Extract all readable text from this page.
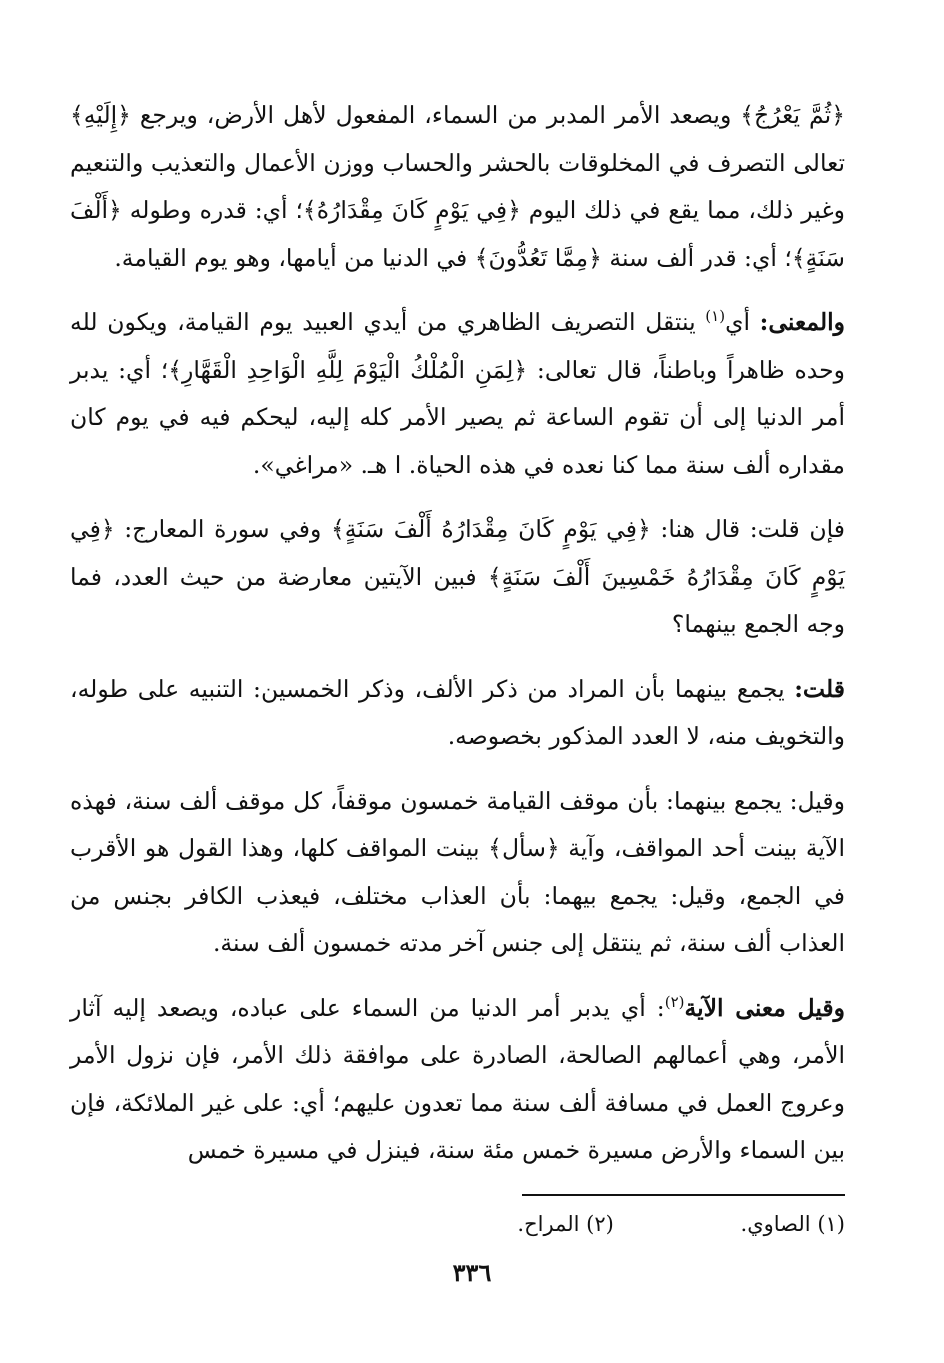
﴿ثُمَّ يَعْرُجُ﴾ ويصعد الأمر المدبر من السماء، المفعول لأهل الأرض، ويرجع ﴿إِلَيْهِ﴾ تعالى التصرف في المخلوقات بالحشر والحساب ووزن الأعمال والتعذيب والتنعيم وغير ذلك، مما يقع في ذلك اليوم ﴿فِي يَوْمٍ كَانَ مِقْدَارُهُ﴾؛ أي: قدره وطوله ﴿أَلْفَ سَنَةٍ﴾؛ أي: قدر ألف سنة ﴿مِمَّا تَعُدُّونَ﴾ في الدنيا من أيامها، وهو يوم القيامة.

والمعنى: أي$^{(١)}$ ينتقل التصريف الظاهري من أيدي العبيد يوم القيامة، ويكون لله وحده ظاهراً وباطناً، قال تعالى: ﴿لِمَنِ الْمُلْكُ الْيَوْمَ لِلَّهِ الْوَاحِدِ الْقَهَّارِ﴾؛ أي: يدبر أمر الدنيا إلى أن تقوم الساعة ثم يصير الأمر كله إليه، ليحكم فيه في يوم كان مقداره ألف سنة مما كنا نعده في هذه الحياة. ا هـ. «مراغي».

فإن قلت: قال هنا: ﴿فِي يَوْمٍ كَانَ مِقْدَارُهُ أَلْفَ سَنَةٍ﴾ وفي سورة المعارج: ﴿فِي يَوْمٍ كَانَ مِقْدَارُهُ خَمْسِينَ أَلْفَ سَنَةٍ﴾ فبين الآيتين معارضة من حيث العدد، فما وجه الجمع بينهما؟

قلت: يجمع بينهما بأن المراد من ذكر الألف، وذكر الخمسين: التنبيه على طوله، والتخويف منه، لا العدد المذكور بخصوصه.

وقيل: يجمع بينهما: بأن موقف القيامة خمسون موقفاً، كل موقف ألف سنة، فهذه الآية بينت أحد المواقف، وآية ﴿سأل﴾ بينت المواقف كلها، وهذا القول هو الأقرب في الجمع، وقيل: يجمع بيهما: بأن العذاب مختلف، فيعذب الكافر بجنس من العذاب ألف سنة، ثم ينتقل إلى جنس آخر مدته خمسون ألف سنة.

وقيل معنى الآية$^{(٢)}$: أي يدبر أمر الدنيا من السماء على عباده، ويصعد إليه آثار الأمر، وهي أعمالهم الصالحة، الصادرة على موافقة ذلك الأمر، فإن نزول الأمر وعروج العمل في مسافة ألف سنة مما تعدون عليهم؛ أي: على غير الملائكة، فإن بين السماء والأرض مسيرة خمس مئة سنة، فينزل في مسيرة خمس

(١) الصاوي. (٢) المراح.
٣٣٦
